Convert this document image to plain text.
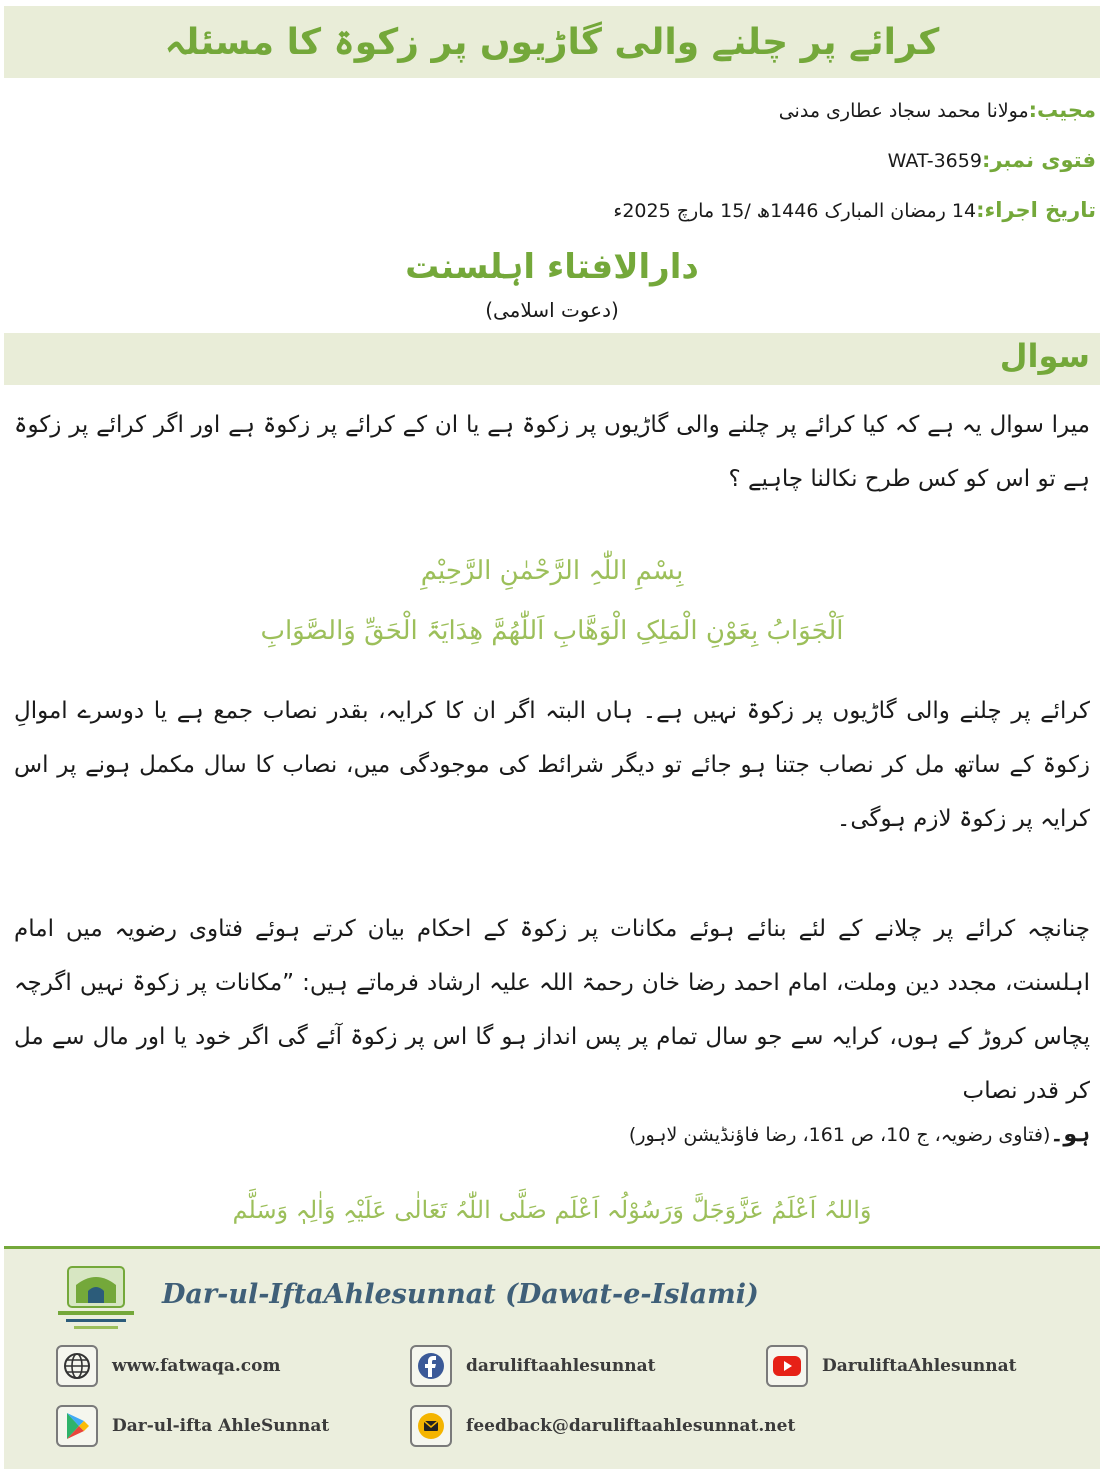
کرائے پر چلنے والی گاڑیوں پر زکوۃ کا مسئلہ
مجیب:مولانا محمد سجاد عطاری مدنی
فتوی نمبر:WAT-3659
تاریخ اجراء:14 رمضان المبارک 1446ھ /15 مارچ 2025ء
دارالافتاء اہلسنت
(دعوت اسلامی)
سوال
میرا سوال یہ ہے کہ کیا کرائے پر چلنے والی گاڑیوں پر زکوۃ ہے یا ان کے کرائے پر زکوۃ ہے اور اگر کرائے پر زکوۃ ہے تو اس کو کس طرح نکالنا چاہیے ؟
بِسْمِ اللّٰہِ الرَّحْمٰنِ الرَّحِیْمِ
اَلْجَوَابُ بِعَوْنِ الْمَلِکِ الْوَھَّابِ اَللّٰھُمَّ ھِدَایَۃَ الْحَقِّ وَالصَّوَابِ
کرائے پر چلنے والی گاڑیوں پر زکوۃ نہیں ہے۔ ہاں البتہ اگر ان کا کرایہ، بقدر نصاب جمع ہے یا دوسرے اموالِ زکوۃ کے ساتھ مل کر نصاب جتنا ہو جائے تو دیگر شرائط کی موجودگی میں، نصاب کا سال مکمل ہونے پر اس کرایہ پر زکوۃ لازم ہوگی۔
چنانچہ کرائے پر چلانے کے لئے بنائے ہوئے مکانات پر زکوۃ کے احکام بیان کرتے ہوئے فتاوی رضویہ میں امام اہلسنت، مجدد دین وملت، امام احمد رضا خان رحمۃ اللہ علیہ ارشاد فرماتے ہیں: ”مکانات پر زکوۃ نہیں اگرچہ پچاس کروڑ کے ہوں، کرایہ سے جو سال تمام پر پس انداز ہو گا اس پر زکوۃ آئے گی اگر خود یا اور مال سے مل کر قدر نصاب
ہو۔(فتاوی رضویہ، ج 10، ص 161، رضا فاؤنڈیشن لاہور)
وَاللہُ اَعْلَمُ عَزَّوَجَلَّ وَرَسُوْلُہ اَعْلَم صَلَّی اللّٰہُ تَعَالٰی عَلَیْہِ وَاٰلِہٖ وَسَلَّم
Dar-ul-IftaAhlesunnat (Dawat-e-Islami)
www.fatwaqa.com	daruliftaahlesunnat	DaruliftaAhlesunnat
Dar-ul-ifta AhleSunnat	feedback@daruliftaahlesunnat.net
